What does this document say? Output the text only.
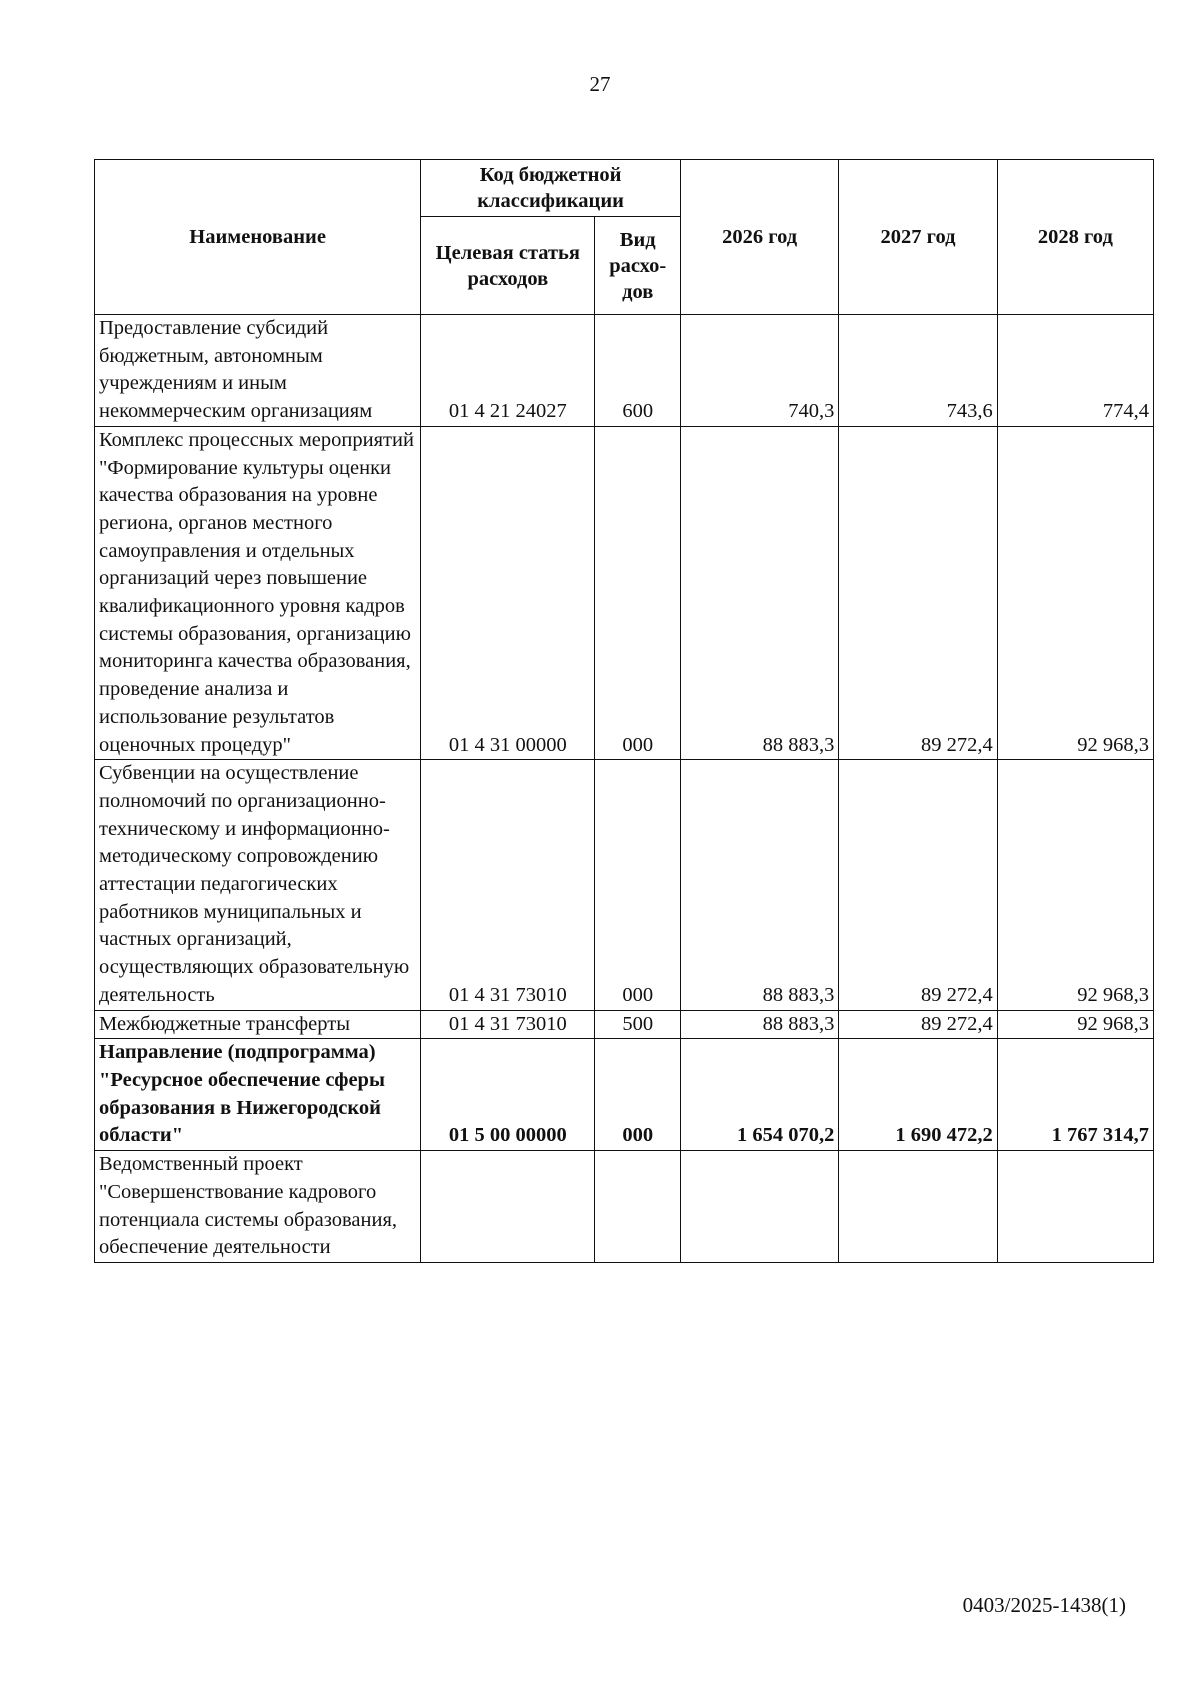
27
Наименование	Код бюджетной классификации		2026 год	2027 год	2028 год
	Целевая статья расходов	Вид расхо-дов			
Предоставление субсидий бюджетным, автономным учреждениям и иным некоммерческим организациям	01 4 21 24027	600	740,3	743,6	774,4
Комплекс процессных мероприятий "Формирование культуры оценки качества образования на уровне региона, органов местного самоуправления и отдельных организаций через повышение квалификационного уровня кадров системы образования, организацию мониторинга качества образования, проведение анализа и использование результатов оценочных процедур"	01 4 31 00000	000	88 883,3	89 272,4	92 968,3
Субвенции на осуществление полномочий по организационно-техническому и информационно-методическому сопровождению аттестации педагогических работников муниципальных и частных организаций, осуществляющих образовательную деятельность	01 4 31 73010	000	88 883,3	89 272,4	92 968,3
Межбюджетные трансферты	01 4 31 73010	500	88 883,3	89 272,4	92 968,3
Направление (подпрограмма) "Ресурсное обеспечение сферы образования в Нижегородской области"	01 5 00 00000	000	1 654 070,2	1 690 472,2	1 767 314,7
Ведомственный проект "Совершенствование кадрового потенциала системы образования, обеспечение деятельности					
0403/2025-1438(1)
